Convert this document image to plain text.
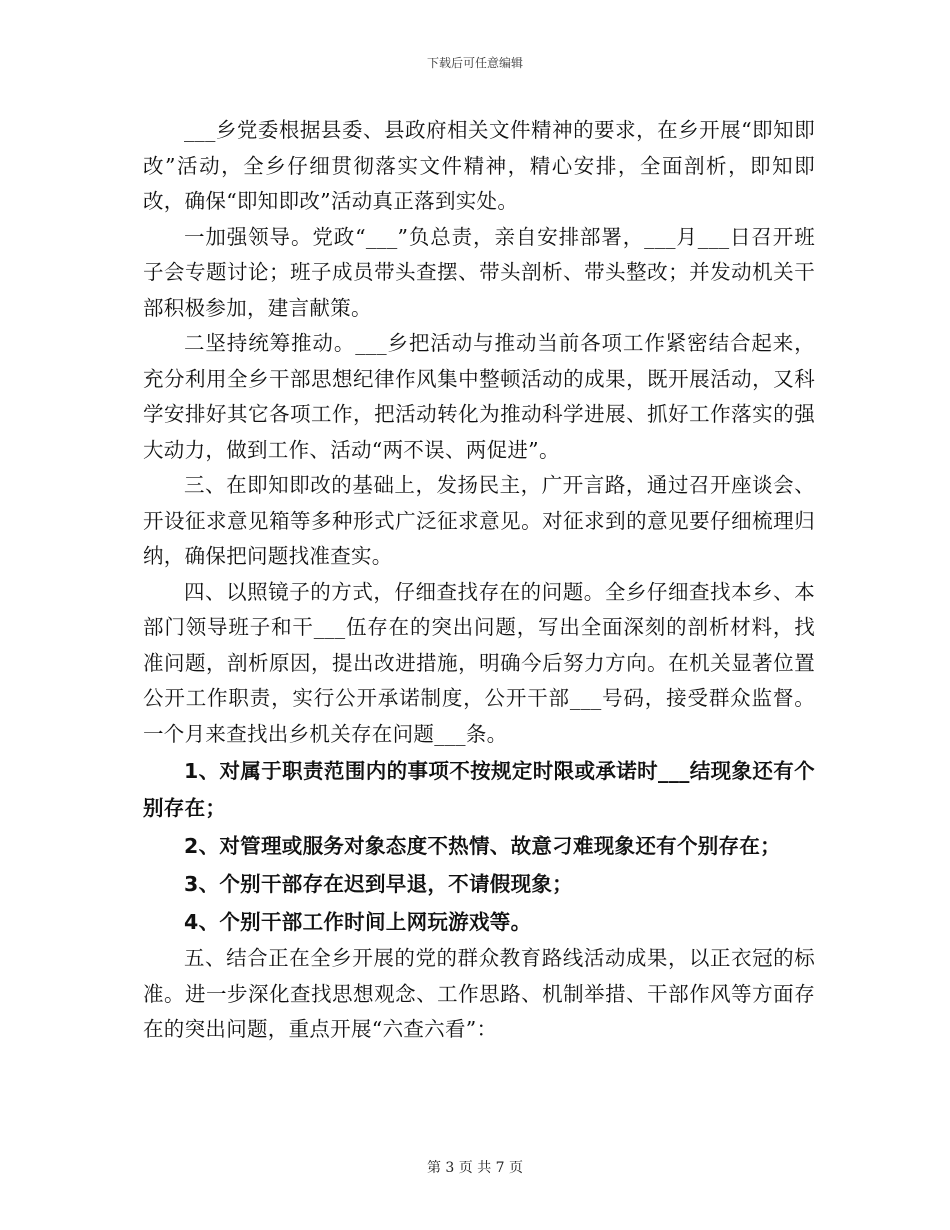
下载后可任意编辑

___乡党委根据县委、县政府相关文件精神的要求，在乡开展“即知即改”活动，全乡仔细贯彻落实文件精神，精心安排，全面剖析，即知即改，确保“即知即改”活动真正落到实处。

一加强领导。党政“___”负总责，亲自安排部署，___月___日召开班子会专题讨论；班子成员带头查摆、带头剖析、带头整改；并发动机关干部积极参加，建言献策。

二坚持统筹推动。___乡把活动与推动当前各项工作紧密结合起来，充分利用全乡干部思想纪律作风集中整顿活动的成果，既开展活动，又科学安排好其它各项工作，把活动转化为推动科学进展、抓好工作落实的强大动力，做到工作、活动“两不误、两促进”。

三、在即知即改的基础上，发扬民主，广开言路，通过召开座谈会、开设征求意见箱等多种形式广泛征求意见。对征求到的意见要仔细梳理归纳，确保把问题找准查实。

四、以照镜子的方式，仔细查找存在的问题。全乡仔细查找本乡、本部门领导班子和干___伍存在的突出问题，写出全面深刻的剖析材料，找准问题，剖析原因，提出改进措施，明确今后努力方向。在机关显著位置公开工作职责，实行公开承诺制度，公开干部___号码，接受群众监督。一个月来查找出乡机关存在问题___条。

1、对属于职责范围内的事项不按规定时限或承诺时___结现象还有个别存在；

2、对管理或服务对象态度不热情、故意刁难现象还有个别存在；

3、个别干部存在迟到早退，不请假现象；

4、个别干部工作时间上网玩游戏等。

五、结合正在全乡开展的党的群众教育路线活动成果，以正衣冠的标准。进一步深化查找思想观念、工作思路、机制举措、干部作风等方面存在的突出问题，重点开展“六查六看”：

第 3 页 共 7 页
